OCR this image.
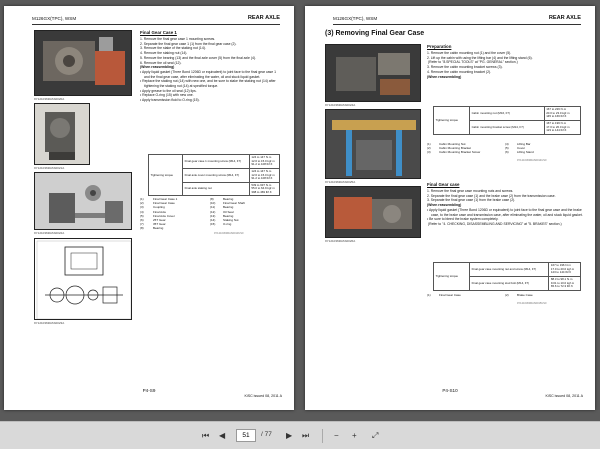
M126GX(TPC), WSM	REAR AXLE
9Y1210363RAS0020A
9Y1210363RAS0021A
9Y1210363RAS0022A
9Y1210363RAS0023A
Final Gear Case 1
1. Remove the final gear case 1 mounting screws.
2. Separate the final gear case 1 (1) from the final gear case (2).
3. Remove the stake of the staking nut (14).
4. Remove the staking nut (14).
5. Remove the bearing (13) and the final axle cover (5) from the final axle (4).
6. Remove the oil seal (12).
(When reassembling)
• Apply liquid gasket (Three Bond 1206D or equivalent) to joint face to the final gear case 1 and the final gear case, after eliminating the water, oil and stuck liquid gasket.
• Replace the staking nut (14) with new one, and be sure to stake the staking nut (14) after tightening the staking nut (14) at specified torque.
• Apply grease to the oil seal (12) lips.
• Replace O-ring (15) with new one.
• Apply transmission fluid to O-ring (15).
Tightening torque	Final gear case 1 mounting screw (M14, F7)	124 to 147 N·m
12.6 to 15.0 kgf·m
91.2 to 108 lbf·ft
	Final axle cover mounting screw (M14, F7)	124 to 147 N·m
12.6 to 15.0 kgf·m
91.2 to 108 lbf·ft
	Final axle staking nut	539 to 637 N·m
55.0 to 64.9 kgf·m
398 to 469 lbf·ft
(1)	Final Gear Case 1	(8)	Bearing
(2)	Final Gear Case	(10)	Final Gear Shaft
(3)	Coupling	(11)	Bearing
(4)	Final Axle	(12)	Oil Seal
(5)	Final Axle Cover	(13)	Bearing
(6)	25T Gear	(14)	Staking Nut
(7)	35T Gear	(15)	O-ring
(8)	Bearing
9Y1210363RAS0013US0
P4-S9
KiSC issued 08, 2011 A
M126GX(TPC), WSM	REAR AXLE
(3) Removing Final Gear Case
9Y1210363RAS0024A
9Y1210363RAS0025A
9Y1210363RAS0026A
Preparation
1. Remove the cabin mounting nut (1) and the cover (5).
2. Lift up the cabin with using the lifting bar (4) and the lifting stand (6).
(Refer to "8.SPECIAL TOOLS" at "PG. GENERAL" section.)
3. Remove the cabin mounting bracket screws (3).
4. Remove the cabin mounting bracket (2).
(When reassembling)
Tightening torque	Cabin mounting nut (M16, F7)	167 to 226 N·m
20.0 to 23.0 kgf·m
145 to 166 lbf·ft
	Cabin mounting bracket screw (M14, F7)	167 to 196 N·m
17.0 to 20.0 kgf·m
123 to 144 lbf·ft
(1)	Cabin Mounting Nut	(4)	Lifting Bar
(2)	Cabin Mounting Bracket	(5)	Cover
(3)	Cabin Mounting Bracket Screw	(6)	Lifting Stand
9Y1210363RAS0014US0
Final Gear case
1. Remove the final gear case mounting nuts and screws.
2. Separate the final gear case (1) and the brake case (2) from the transmission case.
3. Separate the final gear case (1) from the brake case (2).
(When reassembling)
• Apply liquid gasket (Three Bond 1206D or equivalent) to joint face to the final gear case and the brake case, to the brake case and transmission case, after eliminating the water, oil and stuck liquid gasket.
• Be sure to bleed the brake system completely.
(Refer to "4. CHECKING, DISASSEMBLING AND SERVICING" at "5. BRAKES" section.)
Tightening torque	Final gear case mounting nut and screw (M14, F7)	167 to 196 N·m
17.0 to 20.0 kgf·m
123 to 144 lbf·ft
	Final gear case mounting stud bolt (M14, F7)	88.3 to 98.1 N·m
9.01 to 10.0 kgf·m
65.6 to 72.3 lbf·ft
(1)	Final Gear Case	(2)	Brake Case
9Y1210363RAS0015US0
P4-S10
KiSC issued 08, 2011 A
⏮ ◀
51	/ 77 ▶ ⏭	− + ⤢
